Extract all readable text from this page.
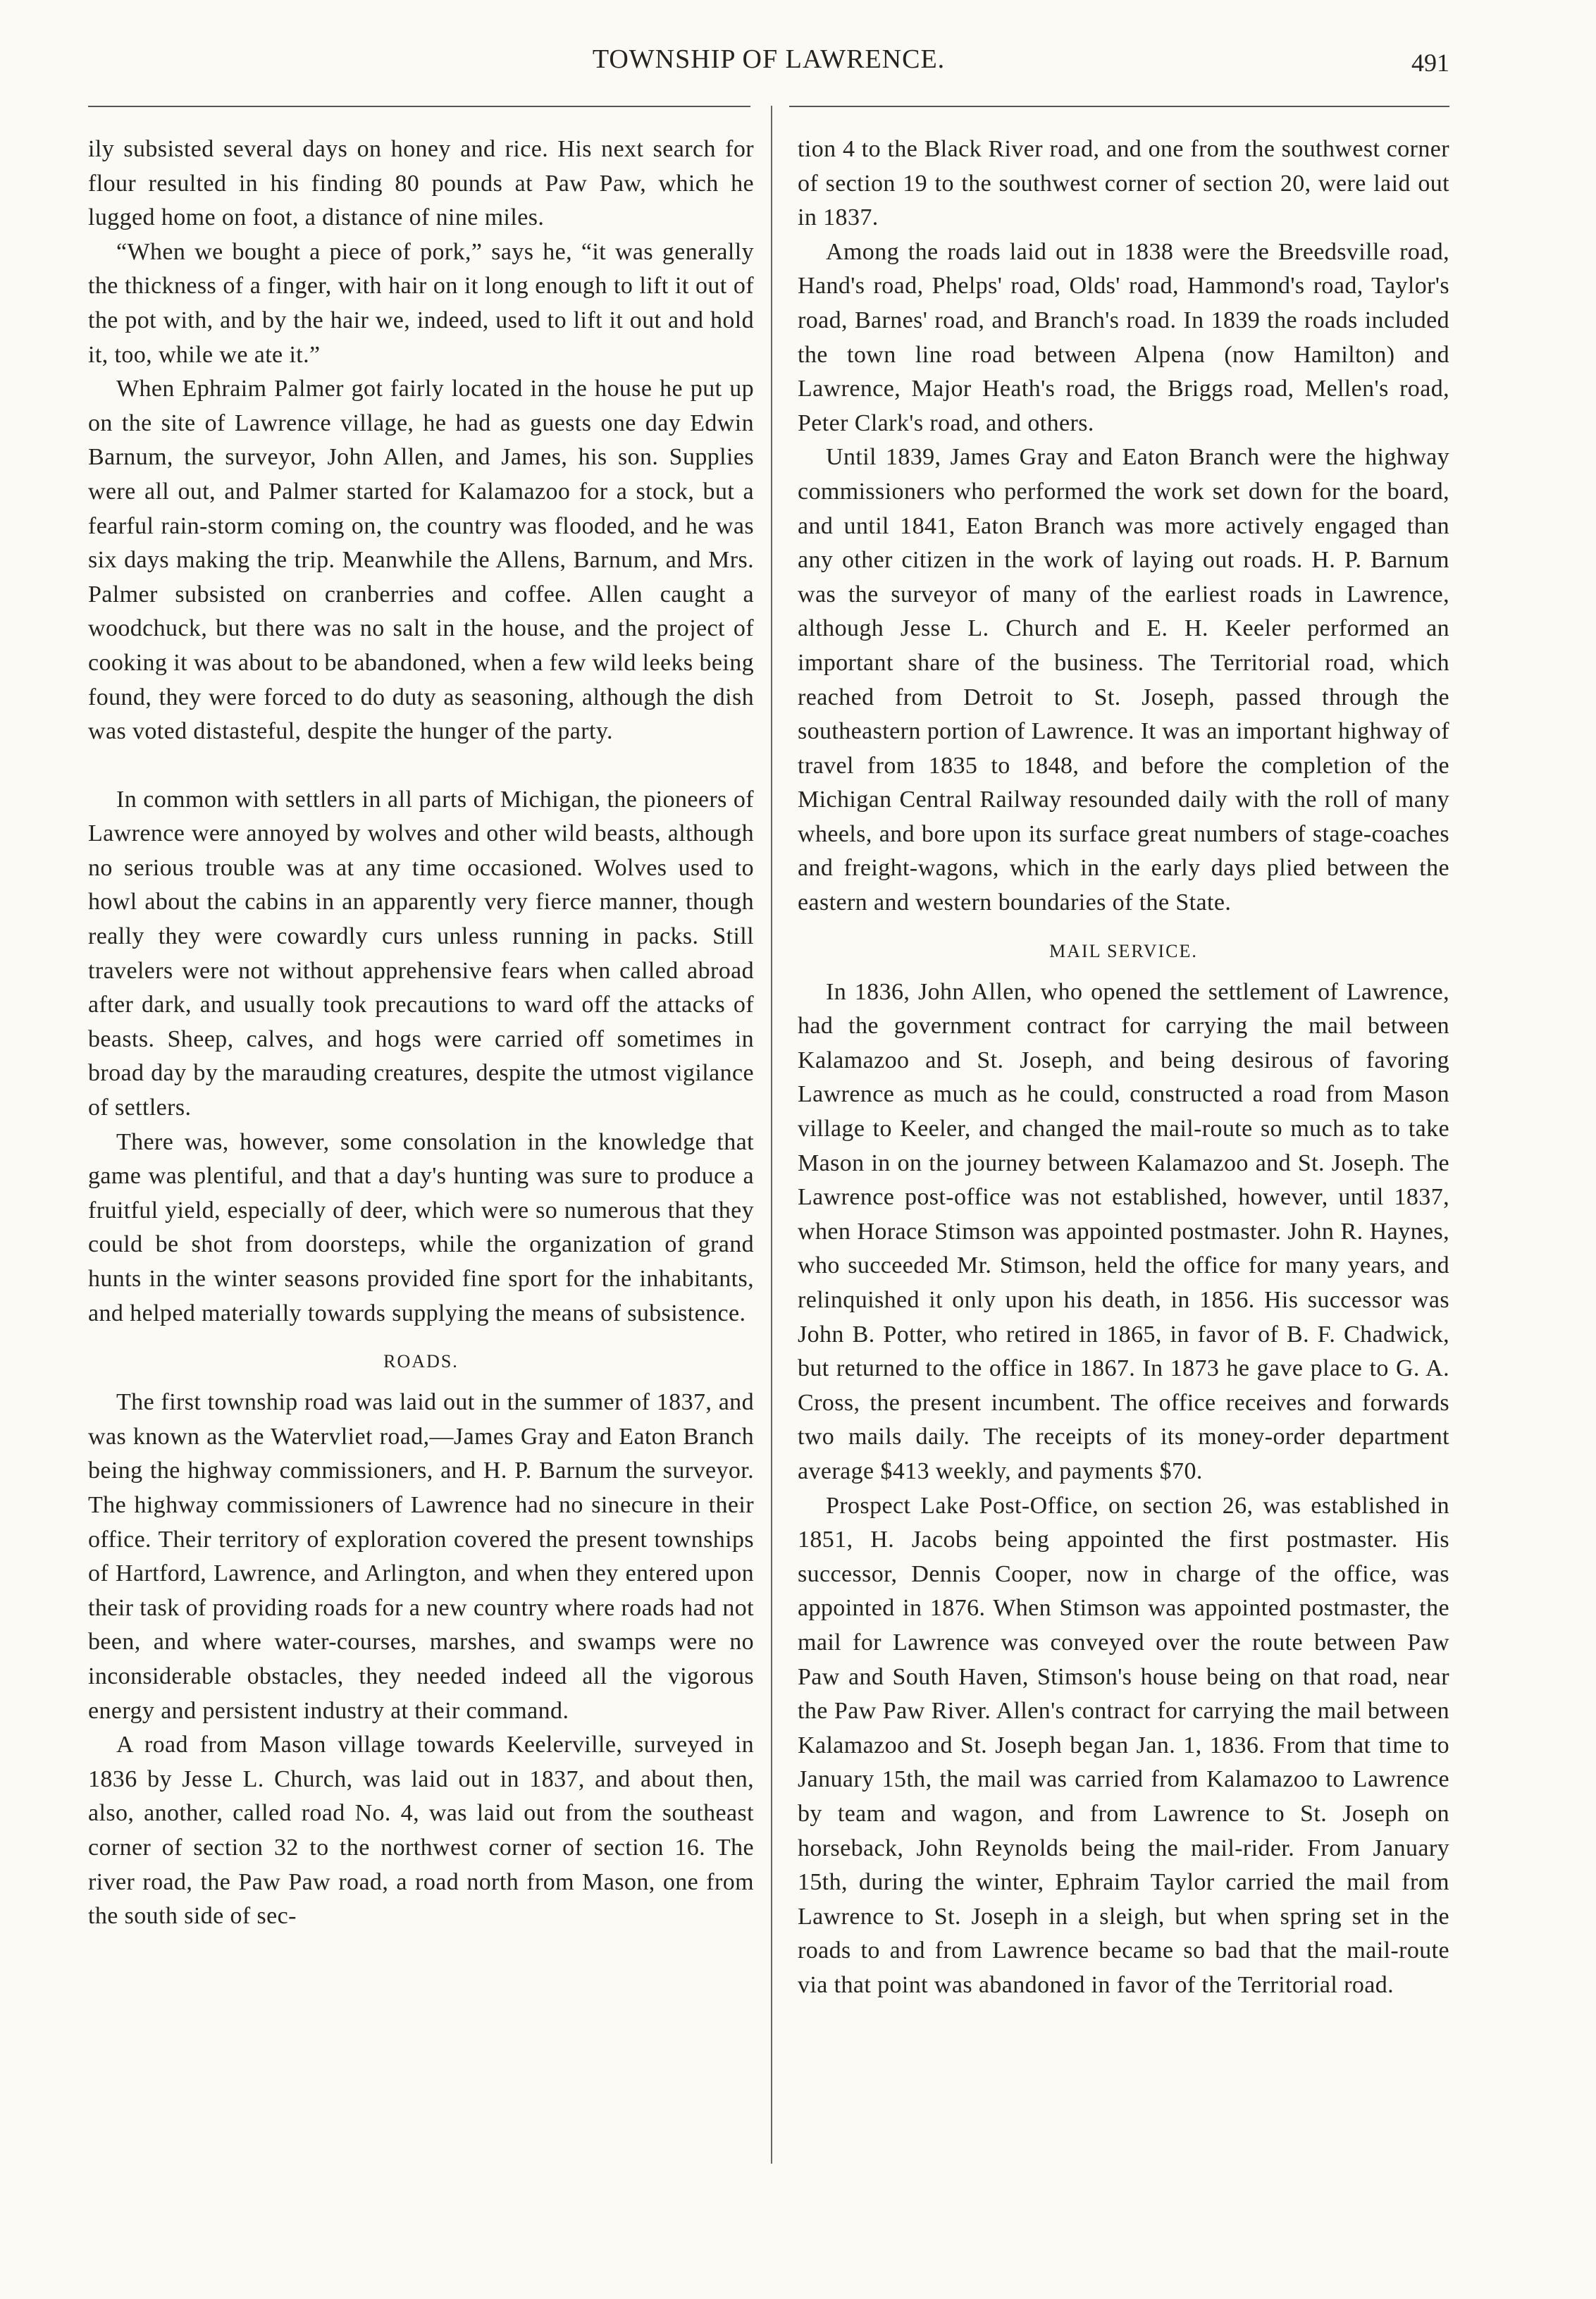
TOWNSHIP OF LAWRENCE.	491

ily subsisted several days on honey and rice. His next search for flour resulted in his finding 80 pounds at Paw Paw, which he lugged home on foot, a distance of nine miles.

“When we bought a piece of pork,” says he, “it was generally the thickness of a finger, with hair on it long enough to lift it out of the pot with, and by the hair we, indeed, used to lift it out and hold it, too, while we ate it.”

When Ephraim Palmer got fairly located in the house he put up on the site of Lawrence village, he had as guests one day Edwin Barnum, the surveyor, John Allen, and James, his son. Supplies were all out, and Palmer started for Kalamazoo for a stock, but a fearful rain-storm coming on, the country was flooded, and he was six days making the trip. Meanwhile the Allens, Barnum, and Mrs. Palmer subsisted on cranberries and coffee. Allen caught a woodchuck, but there was no salt in the house, and the project of cooking it was about to be abandoned, when a few wild leeks being found, they were forced to do duty as seasoning, although the dish was voted distasteful, despite the hunger of the party.

In common with settlers in all parts of Michigan, the pioneers of Lawrence were annoyed by wolves and other wild beasts, although no serious trouble was at any time occasioned. Wolves used to howl about the cabins in an apparently very fierce manner, though really they were cowardly curs unless running in packs. Still travelers were not without apprehensive fears when called abroad after dark, and usually took precautions to ward off the attacks of beasts. Sheep, calves, and hogs were carried off sometimes in broad day by the marauding creatures, despite the utmost vigilance of settlers.

There was, however, some consolation in the knowledge that game was plentiful, and that a day's hunting was sure to produce a fruitful yield, especially of deer, which were so numerous that they could be shot from doorsteps, while the organization of grand hunts in the winter seasons provided fine sport for the inhabitants, and helped materially towards supplying the means of subsistence.

ROADS.

The first township road was laid out in the summer of 1837, and was known as the Watervliet road,—James Gray and Eaton Branch being the highway commissioners, and H. P. Barnum the surveyor. The highway commissioners of Lawrence had no sinecure in their office. Their territory of exploration covered the present townships of Hartford, Lawrence, and Arlington, and when they entered upon their task of providing roads for a new country where roads had not been, and where water-courses, marshes, and swamps were no inconsiderable obstacles, they needed indeed all the vigorous energy and persistent industry at their command.

A road from Mason village towards Keelerville, surveyed in 1836 by Jesse L. Church, was laid out in 1837, and about then, also, another, called road No. 4, was laid out from the southeast corner of section 32 to the northwest corner of section 16. The river road, the Paw Paw road, a road north from Mason, one from the south side of sec-

tion 4 to the Black River road, and one from the southwest corner of section 19 to the southwest corner of section 20, were laid out in 1837.

Among the roads laid out in 1838 were the Breedsville road, Hand's road, Phelps' road, Olds' road, Hammond's road, Taylor's road, Barnes' road, and Branch's road. In 1839 the roads included the town line road between Alpena (now Hamilton) and Lawrence, Major Heath's road, the Briggs road, Mellen's road, Peter Clark's road, and others.

Until 1839, James Gray and Eaton Branch were the highway commissioners who performed the work set down for the board, and until 1841, Eaton Branch was more actively engaged than any other citizen in the work of laying out roads. H. P. Barnum was the surveyor of many of the earliest roads in Lawrence, although Jesse L. Church and E. H. Keeler performed an important share of the business. The Territorial road, which reached from Detroit to St. Joseph, passed through the southeastern portion of Lawrence. It was an important highway of travel from 1835 to 1848, and before the completion of the Michigan Central Railway resounded daily with the roll of many wheels, and bore upon its surface great numbers of stage-coaches and freight-wagons, which in the early days plied between the eastern and western boundaries of the State.

MAIL SERVICE.

In 1836, John Allen, who opened the settlement of Lawrence, had the government contract for carrying the mail between Kalamazoo and St. Joseph, and being desirous of favoring Lawrence as much as he could, constructed a road from Mason village to Keeler, and changed the mail-route so much as to take Mason in on the journey between Kalamazoo and St. Joseph. The Lawrence post-office was not established, however, until 1837, when Horace Stimson was appointed postmaster. John R. Haynes, who succeeded Mr. Stimson, held the office for many years, and relinquished it only upon his death, in 1856. His successor was John B. Potter, who retired in 1865, in favor of B. F. Chadwick, but returned to the office in 1867. In 1873 he gave place to G. A. Cross, the present incumbent. The office receives and forwards two mails daily. The receipts of its money-order department average $413 weekly, and payments $70.

Prospect Lake Post-Office, on section 26, was established in 1851, H. Jacobs being appointed the first postmaster. His successor, Dennis Cooper, now in charge of the office, was appointed in 1876. When Stimson was appointed postmaster, the mail for Lawrence was conveyed over the route between Paw Paw and South Haven, Stimson's house being on that road, near the Paw Paw River. Allen's contract for carrying the mail between Kalamazoo and St. Joseph began Jan. 1, 1836. From that time to January 15th, the mail was carried from Kalamazoo to Lawrence by team and wagon, and from Lawrence to St. Joseph on horseback, John Reynolds being the mail-rider. From January 15th, during the winter, Ephraim Taylor carried the mail from Lawrence to St. Joseph in a sleigh, but when spring set in the roads to and from Lawrence became so bad that the mail-route via that point was abandoned in favor of the Territorial road.
